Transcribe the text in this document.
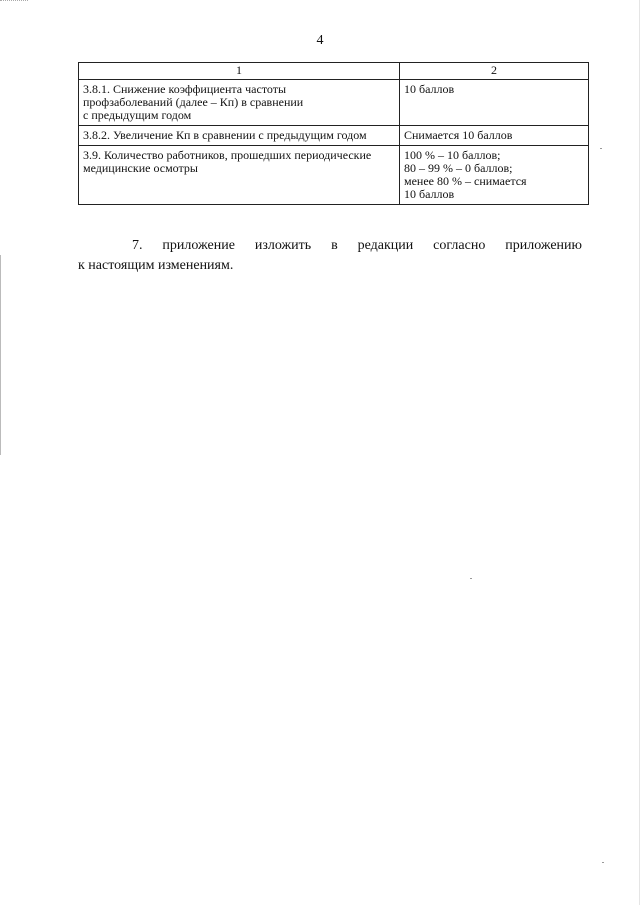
4
1	2

3.8.1. Снижение коэффициента частоты
профзаболеваний (далее – Кп) в сравнении
с предыдущим годом	10 баллов

3.8.2. Увеличение Кп в сравнении с предыдущим годом	Снимается 10 баллов

3.9. Количество работников, прошедших периодические
медицинские осмотры	100 % – 10 баллов;
80 – 99 % – 0 баллов;
менее 80 % – снимается
10 баллов
7. приложение изложить в редакции согласно приложению
к настоящим изменениям.
